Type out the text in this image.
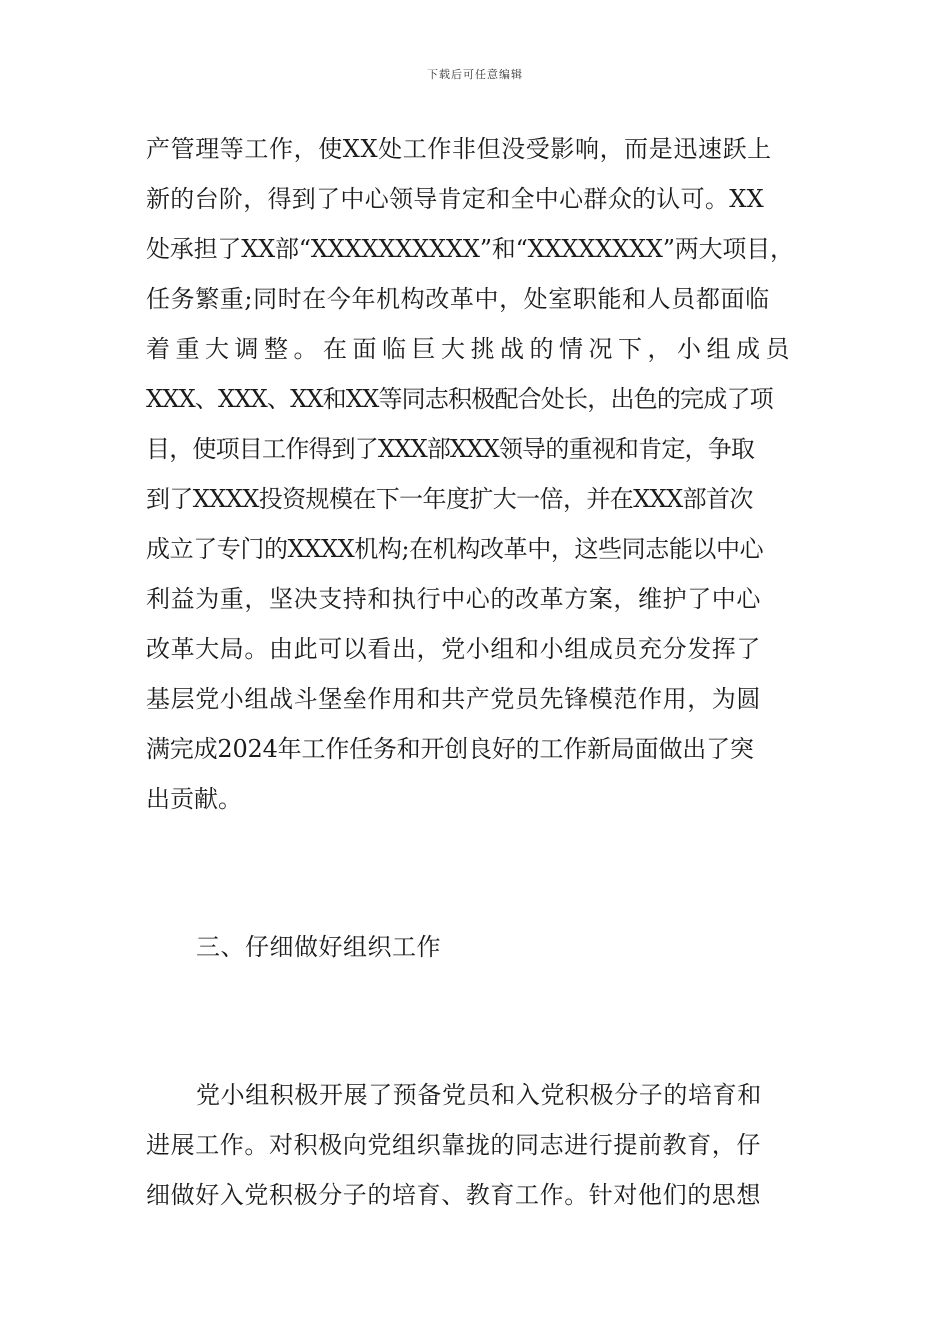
下载后可任意编辑

产管理等工作，使XX处工作非但没受影响，而是迅速跃上

新的台阶，得到了中心领导肯定和全中心群众的认可。XX

处承担了XX部“XXXXXXXXXX”和“XXXXXXXX”两大项目，

任务繁重;同时在今年机构改革中，处室职能和人员都面临

着重大调整。在面临巨大挑战的情况下，小组成员

XXX、XXX、XX和XX等同志积极配合处长，出色的完成了项

目，使项目工作得到了XXX部XXX领导的重视和肯定，争取

到了XXXX投资规模在下一年度扩大一倍，并在XXX部首次

成立了专门的XXXX机构;在机构改革中，这些同志能以中心

利益为重，坚决支持和执行中心的改革方案，维护了中心

改革大局。由此可以看出，党小组和小组成员充分发挥了

基层党小组战斗堡垒作用和共产党员先锋模范作用，为圆

满完成2024年工作任务和开创良好的工作新局面做出了突

出贡献。

三、仔细做好组织工作

党小组积极开展了预备党员和入党积极分子的培育和

进展工作。对积极向党组织靠拢的同志进行提前教育，仔

细做好入党积极分子的培育、教育工作。针对他们的思想
